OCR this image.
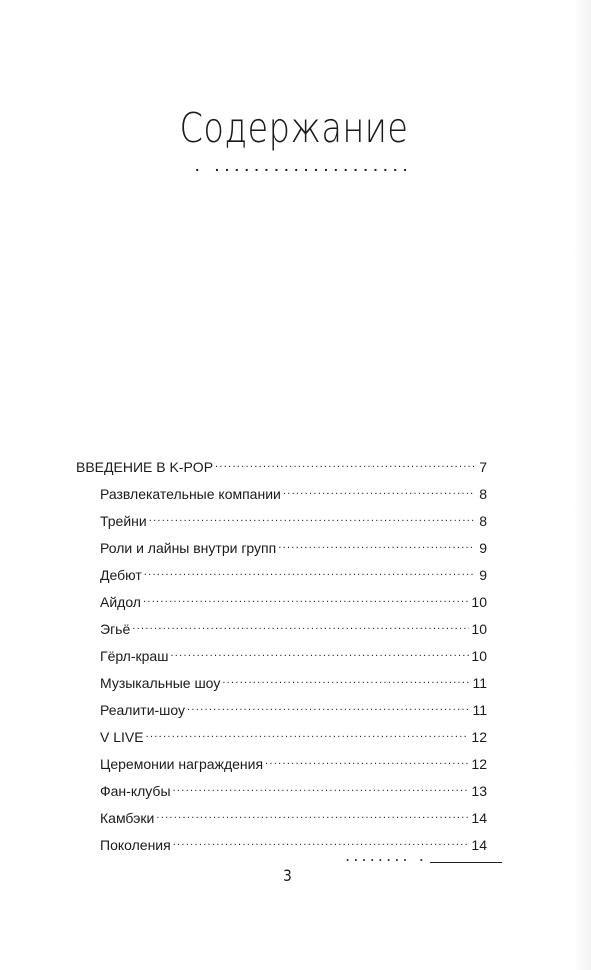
Содержание
. ....................
ВВЕДЕНИЕ В K-POP .....	7
Развлекательные компании .....	8
Трейни .....	8
Роли и лайны внутри групп .....	9
Дебют .....	9
Айдол .....	10
Эгьё .....	10
Гёрл-краш .....	10
Музыкальные шоу .....	11
Реалити-шоу .....	11
V LIVE .....	12
Церемонии награждения .....	12
Фан-клубы .....	13
Камбэки .....	14
Поколения .....	14
........ .
3
